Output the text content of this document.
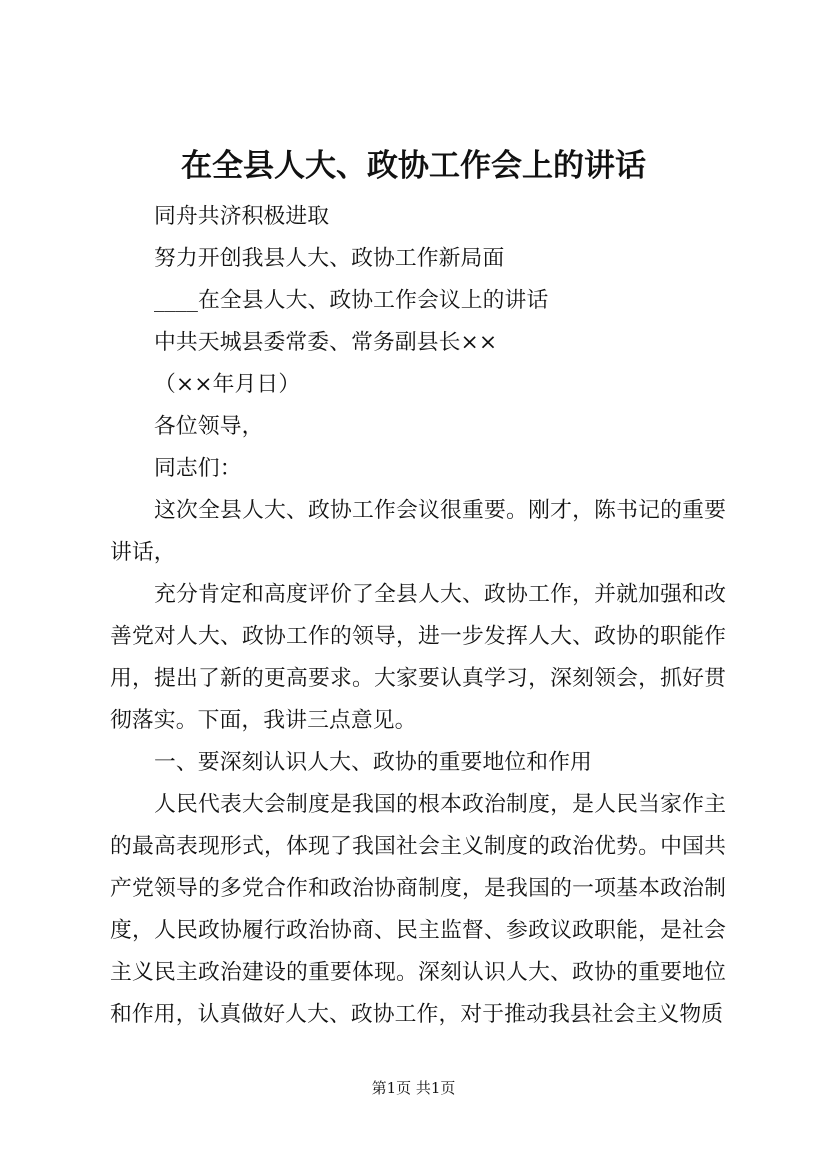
在全县人大、政协工作会上的讲话

同舟共济积极进取

努力开创我县人大、政协工作新局面

____在全县人大、政协工作会议上的讲话

中共天城县委常委、常务副县长××

（××年月日）

各位领导，

同志们：

这次全县人大、政协工作会议很重要。刚才，陈书记的重要讲话，

充分肯定和高度评价了全县人大、政协工作，并就加强和改善党对人大、政协工作的领导，进一步发挥人大、政协的职能作用，提出了新的更高要求。大家要认真学习，深刻领会，抓好贯彻落实。下面，我讲三点意见。

一、要深刻认识人大、政协的重要地位和作用

人民代表大会制度是我国的根本政治制度，是人民当家作主的最高表现形式，体现了我国社会主义制度的政治优势。中国共产党领导的多党合作和政治协商制度，是我国的一项基本政治制度，人民政协履行政治协商、民主监督、参政议政职能，是社会主义民主政治建设的重要体现。深刻认识人大、政协的重要地位和作用，认真做好人大、政协工作，对于推动我县社会主义物质

第1页 共1页
